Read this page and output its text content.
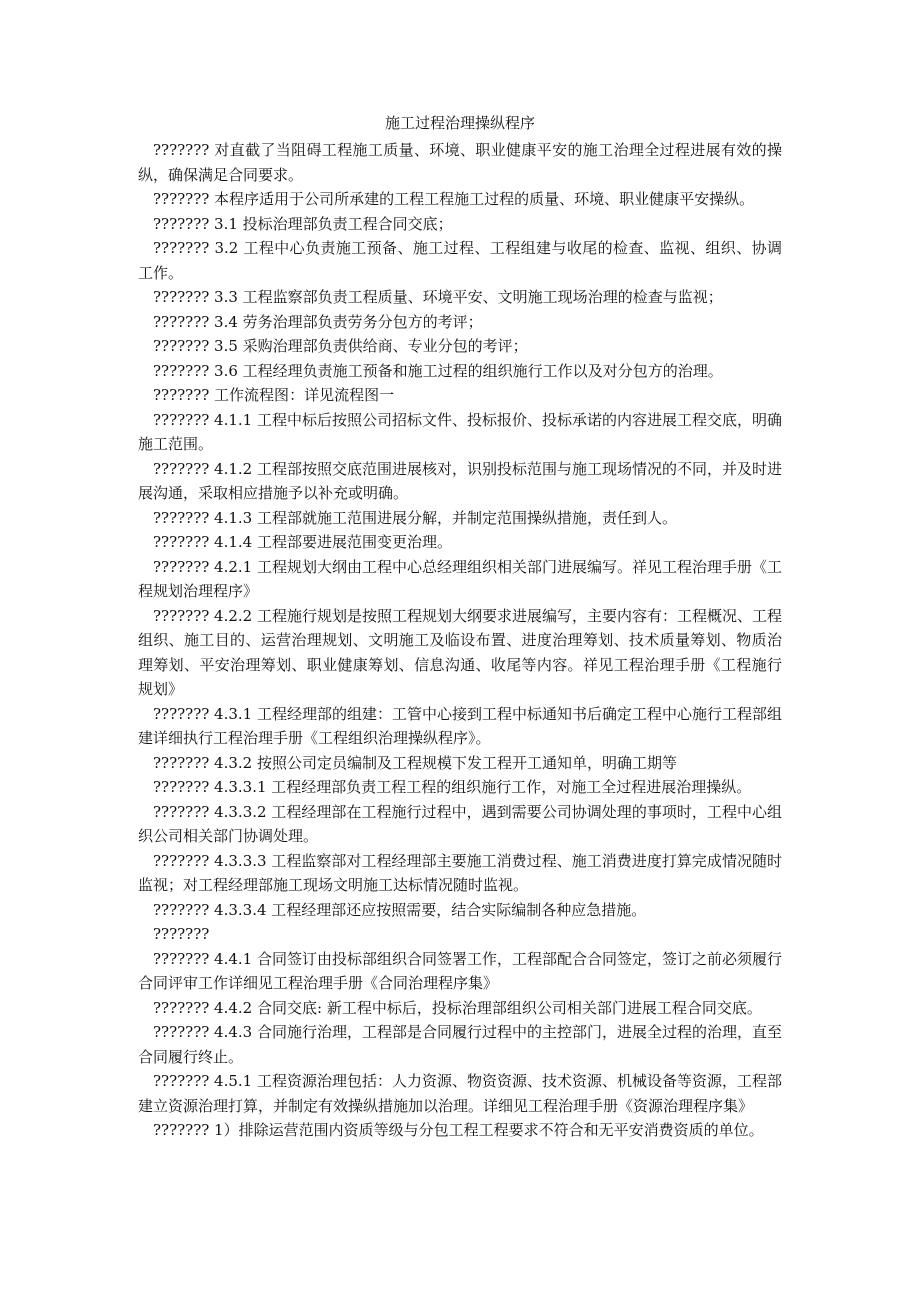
施工过程治理操纵程序

??????? 对直截了当阻碍工程施工质量、环境、职业健康平安的施工治理全过程进展有效的操纵，确保满足合同要求。

??????? 本程序适用于公司所承建的工程工程施工过程的质量、环境、职业健康平安操纵。

??????? 3.1 投标治理部负责工程合同交底；

??????? 3.2 工程中心负责施工预备、施工过程、工程组建与收尾的检查、监视、组织、协调工作。

??????? 3.3 工程监察部负责工程质量、环境平安、文明施工现场治理的检查与监视；

??????? 3.4 劳务治理部负责劳务分包方的考评；

??????? 3.5 采购治理部负责供给商、专业分包的考评；

??????? 3.6 工程经理负责施工预备和施工过程的组织施行工作以及对分包方的治理。

??????? 工作流程图：详见流程图一

??????? 4.1.1 工程中标后按照公司招标文件、投标报价、投标承诺的内容进展工程交底，明确施工范围。

??????? 4.1.2 工程部按照交底范围进展核对，识别投标范围与施工现场情况的不同，并及时进展沟通，采取相应措施予以补充或明确。

??????? 4.1.3 工程部就施工范围进展分解，并制定范围操纵措施，责任到人。

??????? 4.1.4 工程部要进展范围变更治理。

??????? 4.2.1 工程规划大纲由工程中心总经理组织相关部门进展编写。祥见工程治理手册《工程规划治理程序》

??????? 4.2.2 工程施行规划是按照工程规划大纲要求进展编写，主要内容有：工程概况、工程组织、施工目的、运营治理规划、文明施工及临设布置、进度治理筹划、技术质量筹划、物质治理筹划、平安治理筹划、职业健康筹划、信息沟通、收尾等内容。祥见工程治理手册《工程施行规划》

??????? 4.3.1 工程经理部的组建：工管中心接到工程中标通知书后确定工程中心施行工程部组建详细执行工程治理手册《工程组织治理操纵程序》。

??????? 4.3.2 按照公司定员编制及工程规模下发工程开工通知单，明确工期等

??????? 4.3.3.1 工程经理部负责工程工程的组织施行工作，对施工全过程进展治理操纵。

??????? 4.3.3.2 工程经理部在工程施行过程中，遇到需要公司协调处理的事项时，工程中心组织公司相关部门协调处理。

??????? 4.3.3.3 工程监察部对工程经理部主要施工消费过程、施工消费进度打算完成情况随时监视；对工程经理部施工现场文明施工达标情况随时监视。

??????? 4.3.3.4 工程经理部还应按照需要，结合实际编制各种应急措施。

???????

??????? 4.4.1 合同签订由投标部组织合同签署工作，工程部配合合同签定，签订之前必须履行合同评审工作详细见工程治理手册《合同治理程序集》

??????? 4.4.2 合同交底: 新工程中标后，投标治理部组织公司相关部门进展工程合同交底。

??????? 4.4.3 合同施行治理，工程部是合同履行过程中的主控部门，进展全过程的治理，直至合同履行终止。

??????? 4.5.1 工程资源治理包括：人力资源、物资资源、技术资源、机械设备等资源，工程部建立资源治理打算，并制定有效操纵措施加以治理。详细见工程治理手册《资源治理程序集》

??????? 1）排除运营范围内资质等级与分包工程工程要求不符合和无平安消费资质的单位。
